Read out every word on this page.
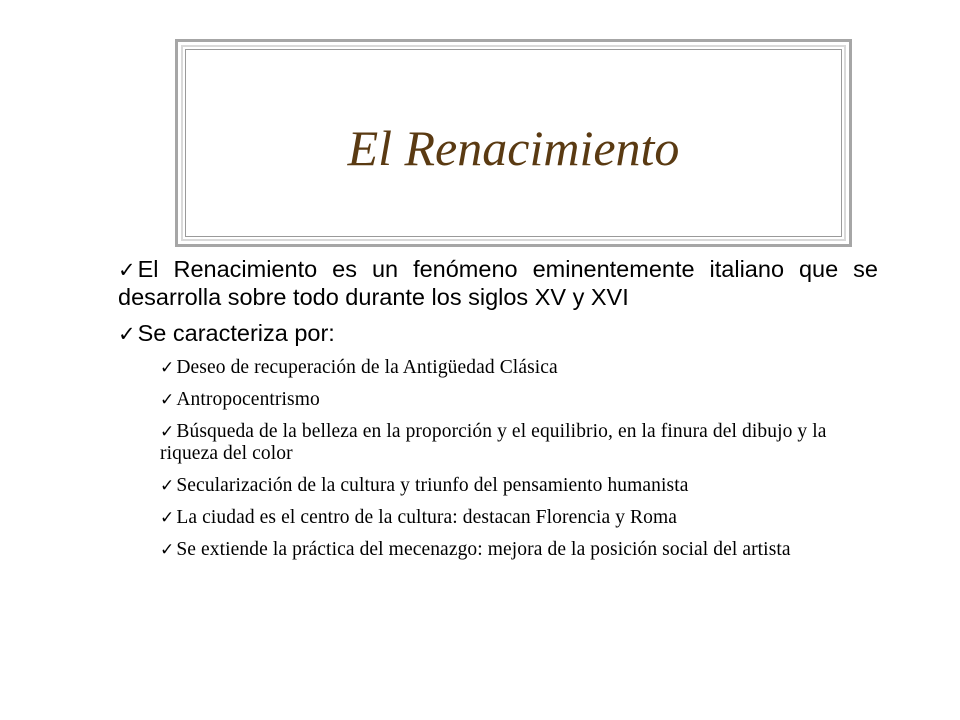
El Renacimiento
✓El Renacimiento es un fenómeno eminentemente italiano que se desarrolla sobre todo durante los siglos XV y XVI
✓Se caracteriza por:
✓ Deseo de recuperación de la Antigüedad Clásica
✓ Antropocentrismo
✓ Búsqueda de la belleza en la proporción y el equilibrio, en la finura del dibujo y la riqueza del color
✓ Secularización de la cultura y triunfo del pensamiento humanista
✓ La ciudad es el centro de la cultura: destacan Florencia y Roma
✓ Se extiende la práctica del mecenazgo: mejora de la posición social del artista
